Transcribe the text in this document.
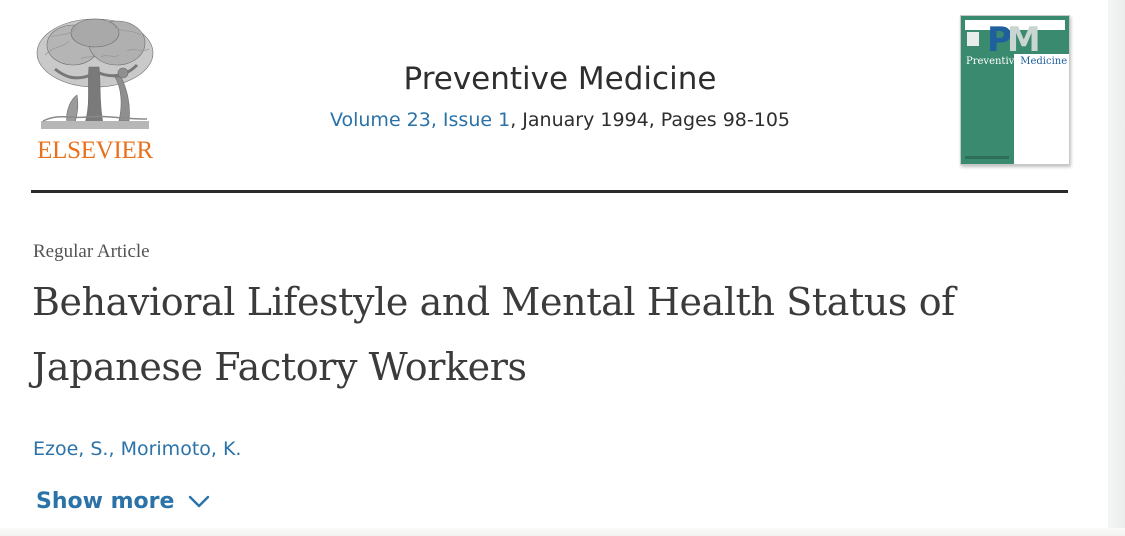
ELSEVIER
Preventive Medicine
Volume 23, Issue 1, January 1994, Pages 98-105
PM
PreventiveMedicine
Regular Article
Behavioral Lifestyle and Mental Health Status of Japanese Factory Workers
Ezoe, S., Morimoto, K.
Show more
